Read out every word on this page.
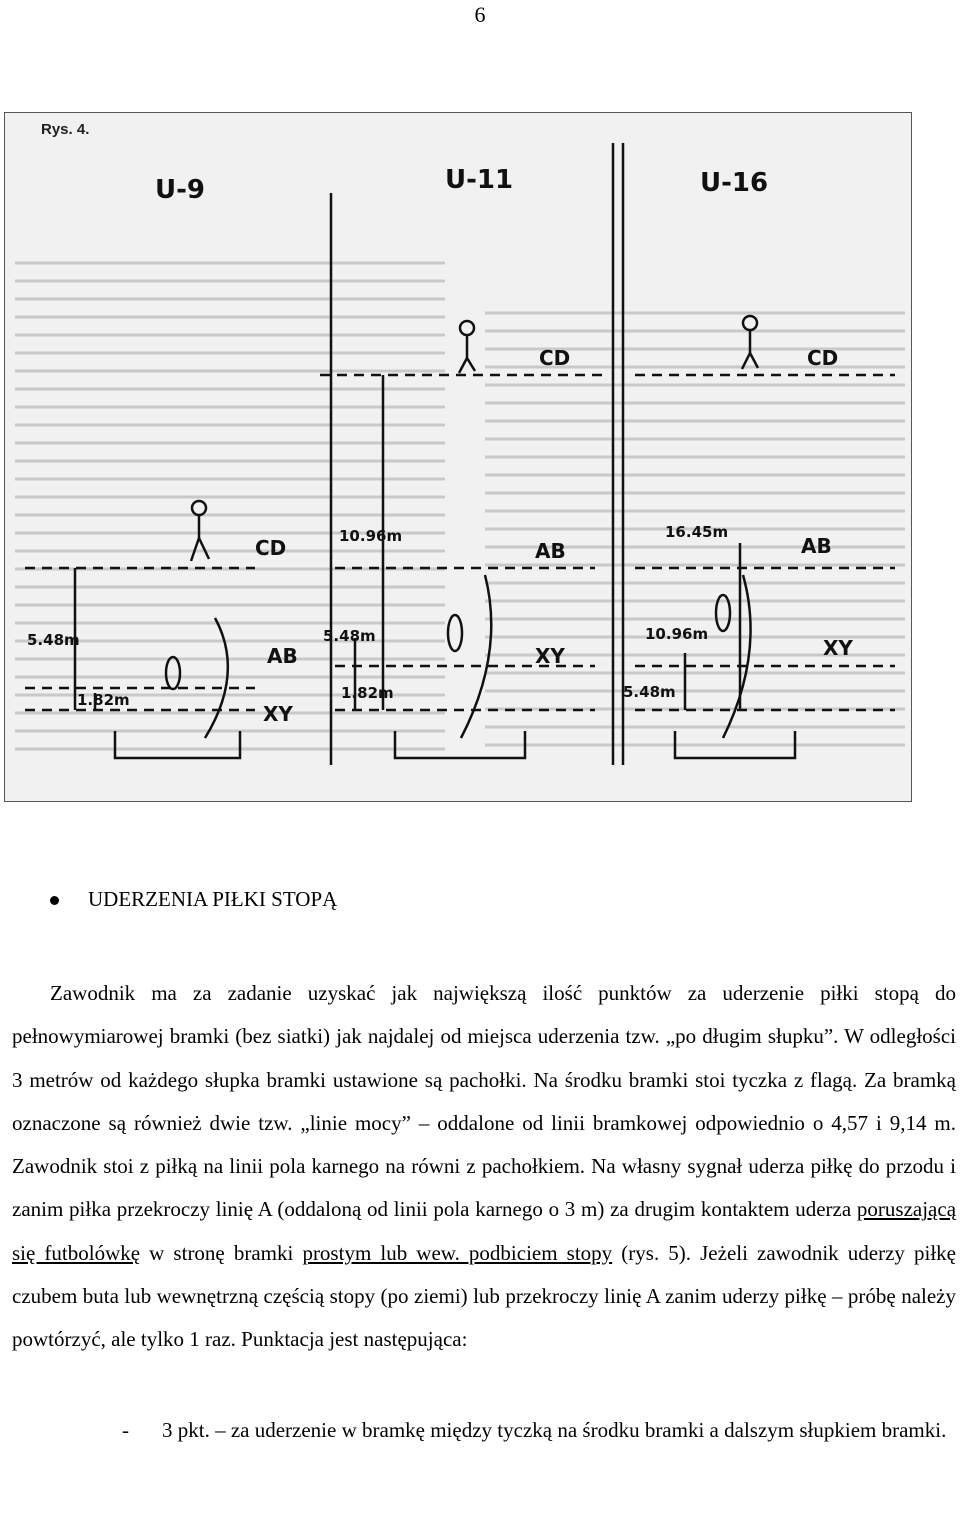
6
Rys. 4.
U-9
5.48m
1.82m
CD
AB
XY
U-11
10.96m
5.48m
1.82m
CD
AB
XY
U-16
16.45m
10.96m
5.48m
CD
AB
XY
UDERZENIA PIŁKI STOPĄ

Zawodnik ma za zadanie uzyskać jak największą ilość punktów za uderzenie piłki stopą do pełnowymiarowej bramki (bez siatki) jak najdalej od miejsca uderzenia tzw. „po długim słupku”. W odległości 3 metrów od każdego słupka bramki ustawione są pachołki. Na środku bramki stoi tyczka z flagą. Za bramką oznaczone są również dwie tzw. „linie mocy” – oddalone od linii bramkowej odpowiednio o 4,57 i 9,14 m. Zawodnik stoi z piłką na linii pola karnego na równi z pachołkiem. Na własny sygnał uderza piłkę do przodu i zanim piłka przekroczy linię A (oddaloną od linii pola karnego o 3 m) za drugim kontaktem uderza poruszającą się futbolówkę w stronę bramki prostym lub wew. podbiciem stopy (rys. 5). Jeżeli zawodnik uderzy piłkę czubem buta lub wewnętrzną częścią stopy (po ziemi) lub przekroczy linię A zanim uderzy piłkę – próbę należy powtórzyć, ale tylko 1 raz. Punktacja jest następująca:

- 3 pkt. – za uderzenie w bramkę między tyczką na środku bramki a dalszym słupkiem bramki.
